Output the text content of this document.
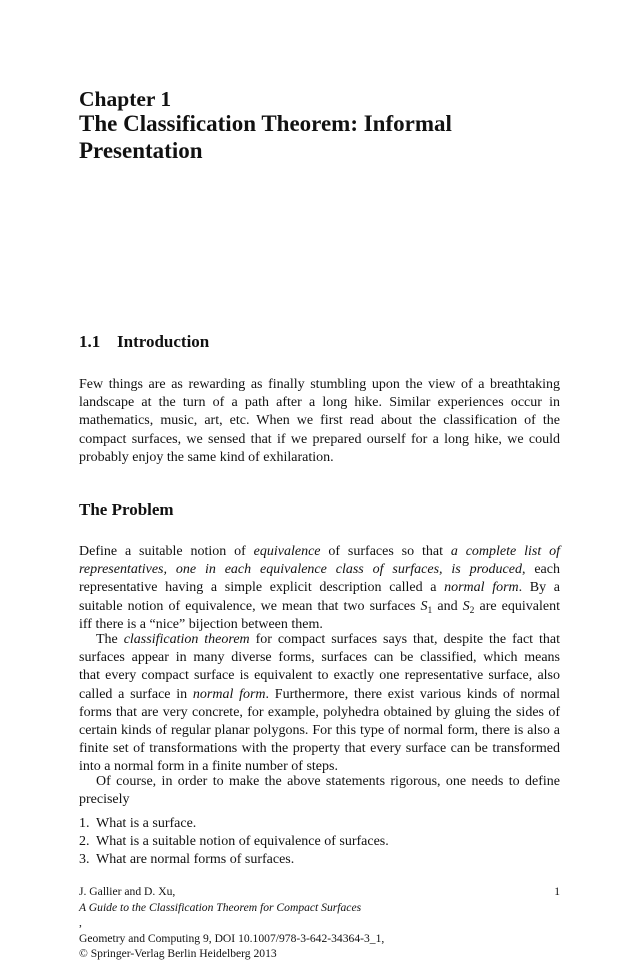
Chapter 1
The Classification Theorem: Informal
Presentation
1.1 Introduction

Few things are as rewarding as finally stumbling upon the view of a breathtaking
landscape at the turn of a path after a long hike. Similar experiences occur in
mathematics, music, art, etc. When we first read about the classification of the
compact surfaces, we sensed that if we prepared ourself for a long hike, we could
probably enjoy the same kind of exhilaration.

The Problem

Define a suitable notion of equivalence of surfaces so that a complete list of
representatives, one in each equivalence class of surfaces, is produced, each
representative having a simple explicit description called a normal form. By a
suitable notion of equivalence, we mean that two surfaces $S_1$ and $S_2$ are equivalent
iff there is a “nice” bijection between them.

The classification theorem for compact surfaces says that, despite the fact that
surfaces appear in many diverse forms, surfaces can be classified, which means
that every compact surface is equivalent to exactly one representative surface, also
called a surface in normal form. Furthermore, there exist various kinds of normal
forms that are very concrete, for example, polyhedra obtained by gluing the sides of
certain kinds of regular planar polygons. For this type of normal form, there is also a
finite set of transformations with the property that every surface can be transformed
into a normal form in a finite number of steps.

Of course, in order to make the above statements rigorous, one needs to define
precisely

1. What is a surface.
2. What is a suitable notion of equivalence of surfaces.
3. What are normal forms of surfaces.
J. Gallier and D. Xu,
A Guide to the Classification Theorem for Compact Surfaces
,
Geometry and Computing 9, DOI 10.1007/978-3-642-34364-3_1,
© Springer-Verlag Berlin Heidelberg 2013
1
